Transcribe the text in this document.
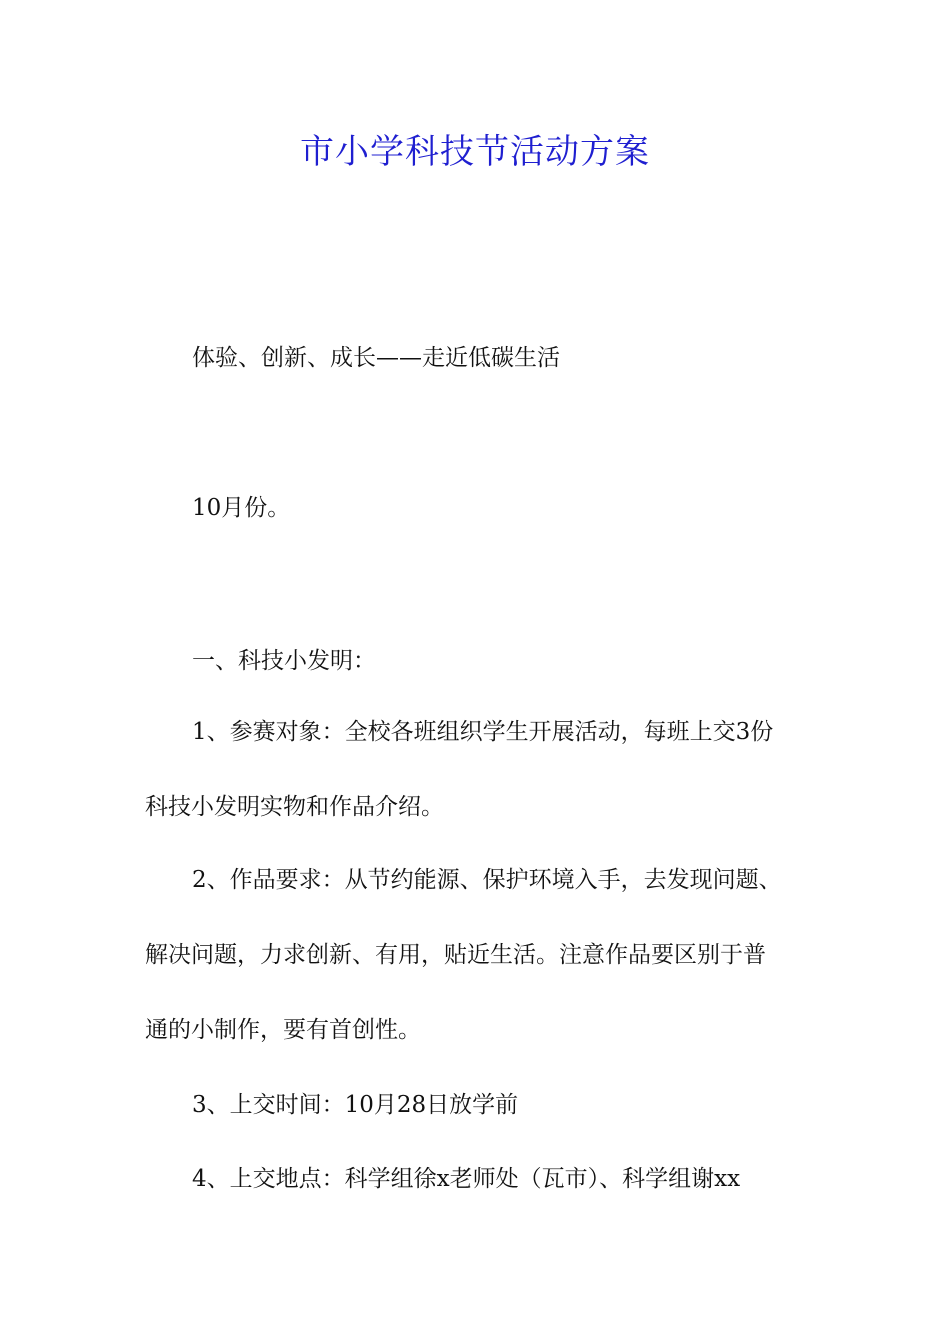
市小学科技节活动方案
体验、创新、成长——走近低碳生活
10月份。
一、科技小发明：
1、参赛对象：全校各班组织学生开展活动，每班上交3份
科技小发明实物和作品介绍。
2、作品要求：从节约能源、保护环境入手，去发现问题、
解决问题，力求创新、有用，贴近生活。注意作品要区别于普
通的小制作，要有首创性。
3、上交时间：10月28日放学前
4、上交地点：科学组徐x老师处（瓦市）、科学组谢xx
